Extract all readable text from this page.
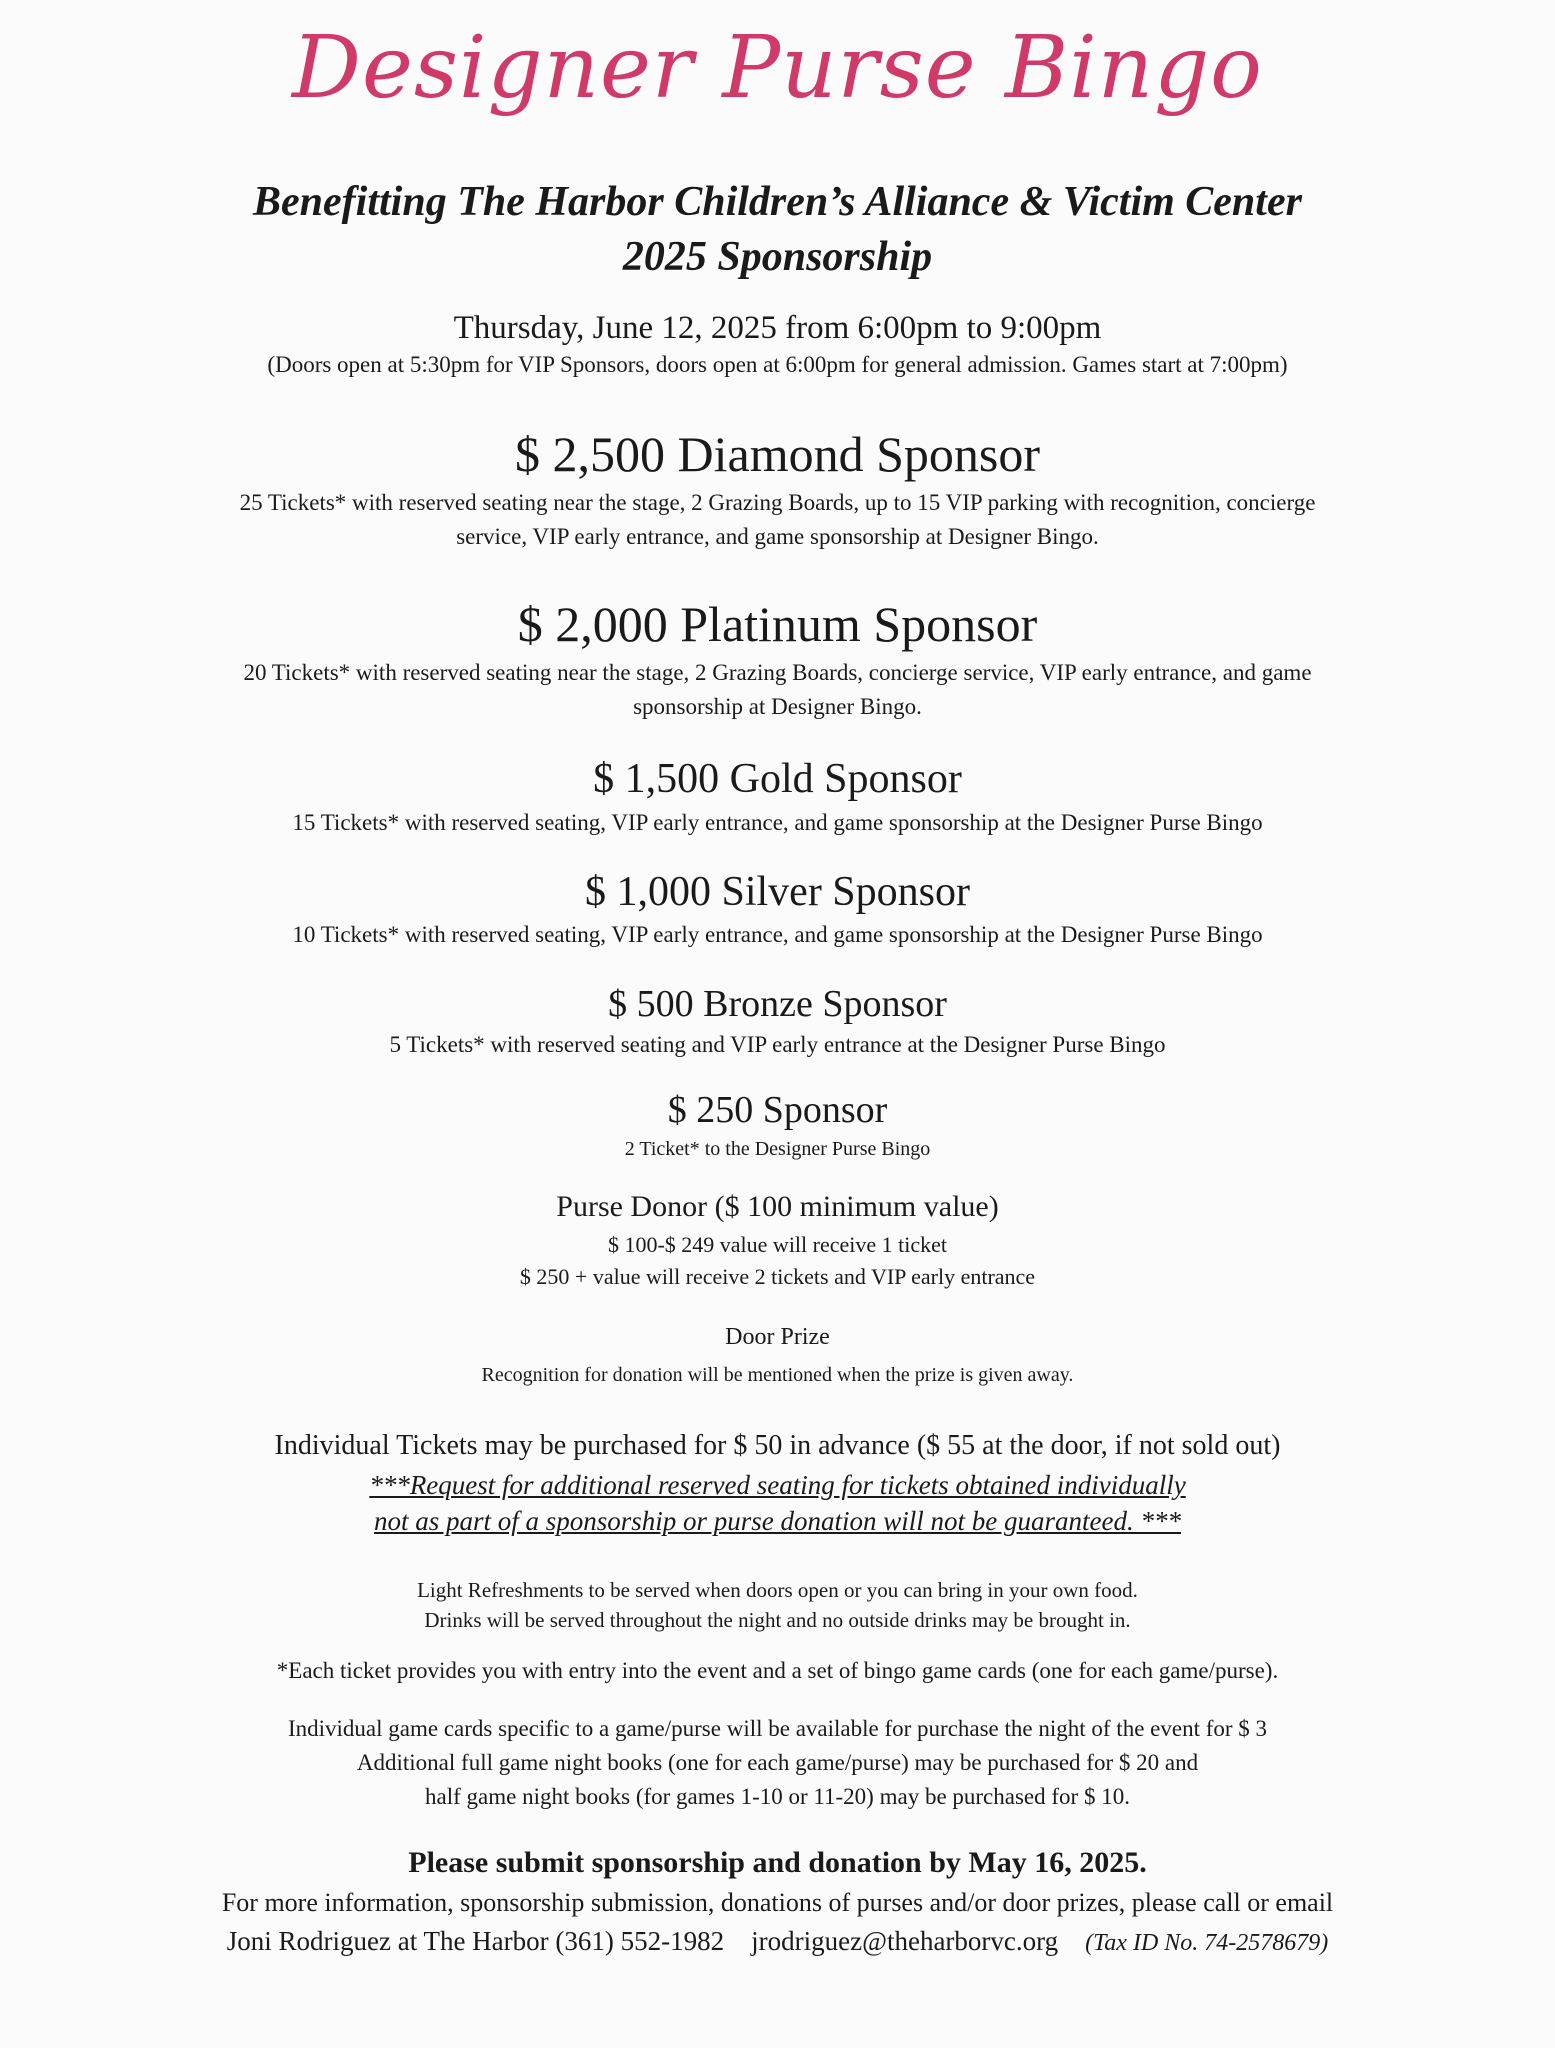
Designer Purse Bingo
Benefitting The Harbor Children’s Alliance & Victim Center
2025 Sponsorship
Thursday, June 12, 2025 from 6:00pm to 9:00pm
(Doors open at 5:30pm for VIP Sponsors, doors open at 6:00pm for general admission. Games start at 7:00pm)
$ 2,500 Diamond Sponsor
25 Tickets* with reserved seating near the stage, 2 Grazing Boards, up to 15 VIP parking with recognition, concierge
service, VIP early entrance, and game sponsorship at Designer Bingo.
$ 2,000 Platinum Sponsor
20 Tickets* with reserved seating near the stage, 2 Grazing Boards, concierge service, VIP early entrance, and game
sponsorship at Designer Bingo.
$ 1,500 Gold Sponsor
15 Tickets* with reserved seating, VIP early entrance, and game sponsorship at the Designer Purse Bingo
$ 1,000 Silver Sponsor
10 Tickets* with reserved seating, VIP early entrance, and game sponsorship at the Designer Purse Bingo
$ 500 Bronze Sponsor
5 Tickets* with reserved seating and VIP early entrance at the Designer Purse Bingo
$ 250 Sponsor
2 Ticket* to the Designer Purse Bingo
Purse Donor ($ 100 minimum value)
$ 100-$ 249 value will receive 1 ticket
$ 250 + value will receive 2 tickets and VIP early entrance
Door Prize
Recognition for donation will be mentioned when the prize is given away.
Individual Tickets may be purchased for $ 50 in advance ($ 55 at the door, if not sold out)
***Request for additional reserved seating for tickets obtained individually
not as part of a sponsorship or purse donation will not be guaranteed. ***
Light Refreshments to be served when doors open or you can bring in your own food.
Drinks will be served throughout the night and no outside drinks may be brought in.
*Each ticket provides you with entry into the event and a set of bingo game cards (one for each game/purse).
Individual game cards specific to a game/purse will be available for purchase the night of the event for $ 3
Additional full game night books (one for each game/purse) may be purchased for $ 20 and
half game night books (for games 1-10 or 11-20) may be purchased for $ 10.
Please submit sponsorship and donation by May 16, 2025.
For more information, sponsorship submission, donations of purses and/or door prizes, please call or email
Joni Rodriguez at The Harbor (361) 552-1982 jrodriguez@theharborvc.org (Tax ID No. 74-2578679)
